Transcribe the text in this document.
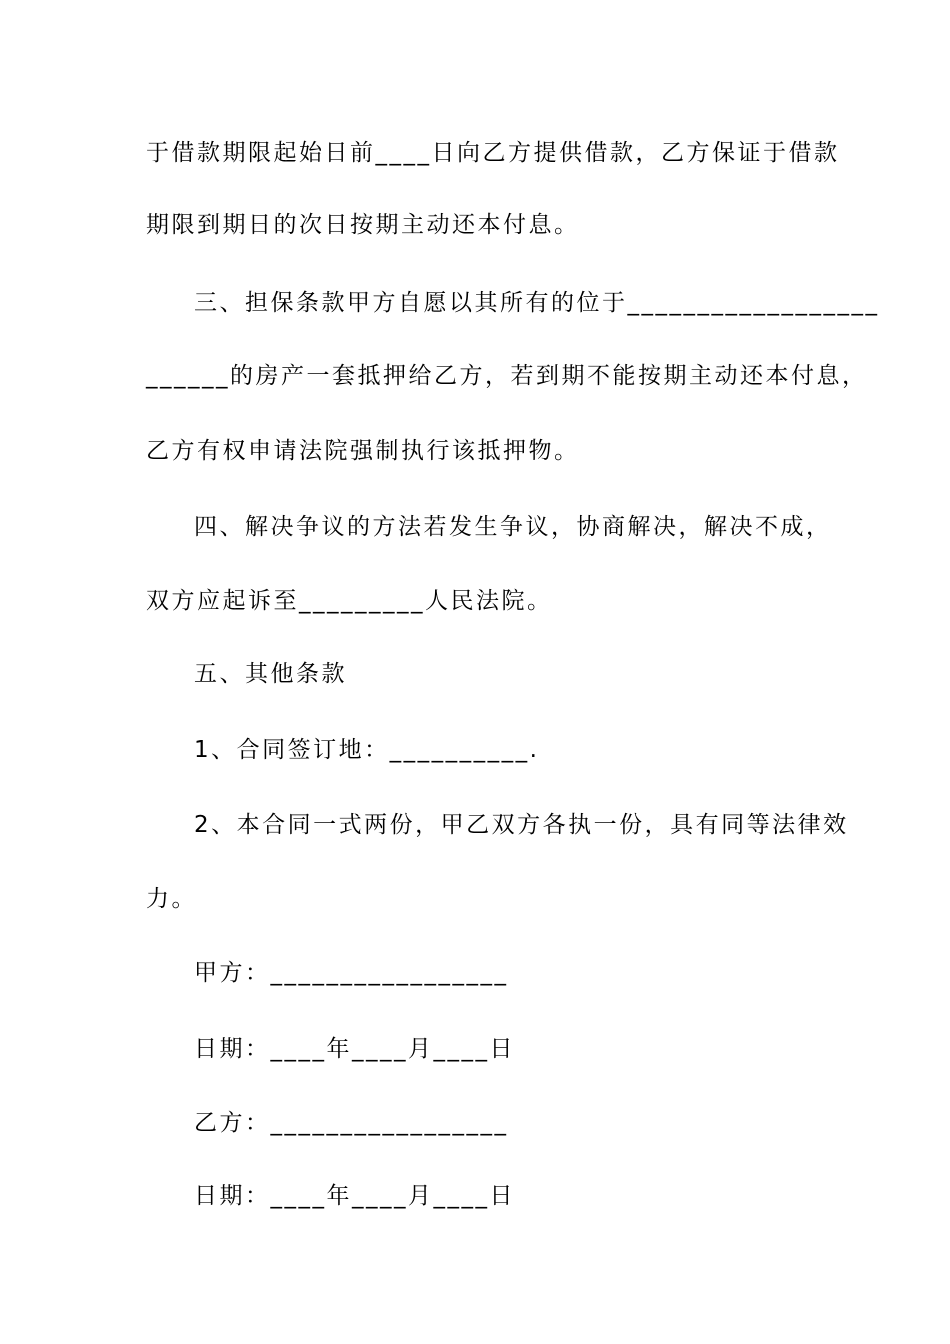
于借款期限起始日前____日向乙方提供借款，乙方保证于借款
期限到期日的次日按期主动还本付息。
三、担保条款甲方自愿以其所有的位于__________________
______的房产一套抵押给乙方，若到期不能按期主动还本付息，
乙方有权申请法院强制执行该抵押物。
四、解决争议的方法若发生争议，协商解决，解决不成，
双方应起诉至_________人民法院。
五、其他条款
1、合同签订地：__________.
2、本合同一式两份，甲乙双方各执一份，具有同等法律效
力。
甲方：_________________
日期：____年____月____日
乙方：_________________
日期：____年____月____日
